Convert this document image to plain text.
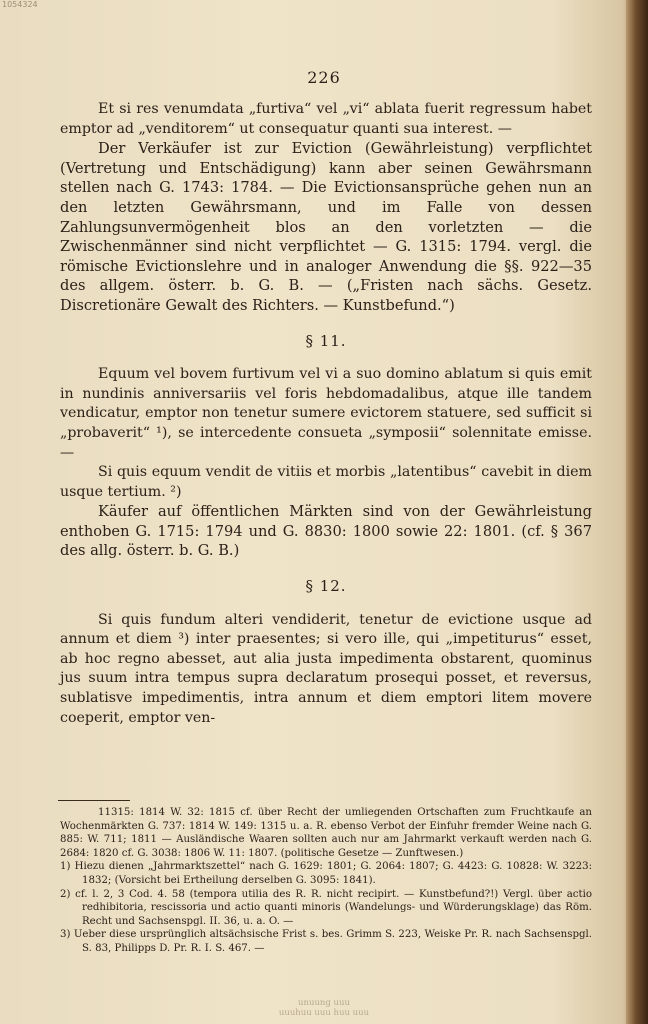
1054324
226

Et si res venumdata „furtiva“ vel „vi“ ablata fuerit regressum habet emptor ad „venditorem“ ut consequatur quanti sua interest. —

Der Verkäufer ist zur Eviction (Gewährleistung) verpflichtet (Vertretung und Entschädigung) kann aber seinen Gewährsmann stellen nach G. 1743: 1784. — Die Evictionsansprüche gehen nun an den letzten Gewährsmann, und im Falle von dessen Zahlungsunvermögenheit blos an den vorletzten — die Zwischenmänner sind nicht verpflichtet — G. 1315: 1794. vergl. die römische Evictionslehre und in analoger Anwendung die §§. 922—35 des allgem. österr. b. G. B. — („Fristen nach sächs. Gesetz. Discretionäre Gewalt des Richters. — Kunstbefund.“)

§ 11.

Equum vel bovem furtivum vel vi a suo domino ablatum si quis emit in nundinis anniversariis vel foris hebdomadalibus, atque ille tandem vendicatur, emptor non tenetur sumere evictorem statuere, sed sufficit si „probaverit“ ¹), se intercedente consueta „symposii“ solennitate emisse. —

Si quis equum vendit de vitiis et morbis „latentibus“ cavebit in diem usque tertium. ²)

Käufer auf öffentlichen Märkten sind von der Gewährleistung enthoben G. 1715: 1794 und G. 8830: 1800 sowie 22: 1801. (cf. § 367 des allg. österr. b. G. B.)

§ 12.

Si quis fundum alteri vendiderit, tenetur de evictione usque ad annum et diem ³) inter praesentes; si vero ille, qui „impetiturus“ esset, ab hoc regno abesset, aut alia justa impedimenta obstarent, quominus jus suum intra tempus supra declaratum prosequi posset, et reversus, sublatisve impedimentis, intra annum et diem emptori litem movere coeperit, emptor ven-

11315: 1814 W. 32: 1815 cf. über Recht der umliegenden Ortschaften zum Fruchtkaufe an Wochenmärkten G. 737: 1814 W. 149: 1315 u. a. R. ebenso Verbot der Einfuhr fremder Weine nach G. 885: W. 711; 1811 — Ausländische Waaren sollten auch nur am Jahrmarkt verkauft werden nach G. 2684: 1820 cf. G. 3038: 1806 W. 11: 1807. (politische Gesetze — Zunftwesen.)

1) Hiezu dienen „Jahrmarktszettel“ nach G. 1629: 1801; G. 2064: 1807; G. 4423: G. 10828: W. 3223: 1832; (Vorsicht bei Ertheilung derselben G. 3095: 1841).

2) cf. l. 2, 3 Cod. 4. 58 (tempora utilia des R. R. nicht recipirt. — Kunstbefund?!) Vergl. über actio redhibitoria, rescissoria und actio quanti minoris (Wandelungs- und Würderungsklage) das Röm. Recht und Sachsenspgl. II. 36, u. a. O. —

3) Ueber diese ursprünglich altsächsische Frist s. bes. Grimm S. 223, Weiske Pr. R. nach Sachsenspgl. S. 83, Philipps D. Pr. R. I. S. 467. —

unuung uuu
uuuhuu uuu huu uuu
